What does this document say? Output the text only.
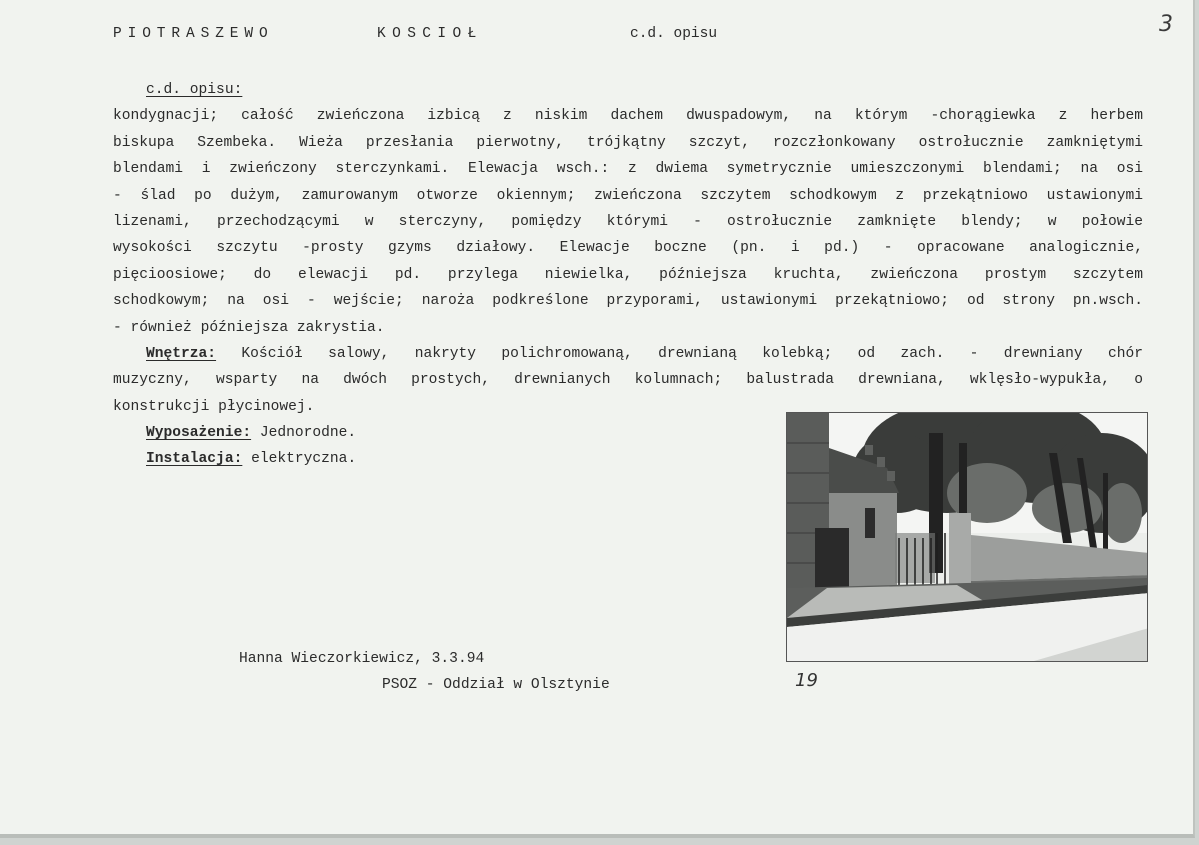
PIOTRASZEWO	KOSCIOŁ	c.d. opisu	3
c.d. opisu:
kondygnacji; całość zwieńczona izbicą z niskim dachem dwuspadowym, na którym -chorągiewka z herbem
biskupa Szembeka. Wieża przesłania pierwotny, trójkątny szczyt, rozczłonkowany ostrołucznie zamkniętymi
blendami i zwieńczony sterczynkami. Elewacja wsch.: z dwiema symetrycznie umieszczonymi blendami; na osi
- ślad po dużym, zamurowanym otworze okiennym; zwieńczona szczytem schodkowym z przekątniowo ustawionymi
lizenami, przechodzącymi w sterczyny, pomiędzy którymi - ostrołucznie zamknięte blendy; w połowie
wysokości szczytu -prosty gzyms działowy. Elewacje boczne (pn. i pd.) - opracowane analogicznie,
pięcioosiowe; do elewacji pd. przylega niewielka, późniejsza kruchta, zwieńczona prostym szczytem
schodkowym; na osi - wejście; naroża podkreślone przyporami, ustawionymi przekątniowo; od strony pn.wsch.
- również późniejsza zakrystia.
Wnętrza: Kościół salowy, nakryty polichromowaną, drewnianą kolebką; od zach. - drewniany chór
muzyczny, wsparty na dwóch prostych, drewnianych kolumnach; balustrada drewniana, wklęsło-wypukła, o
konstrukcji płycinowej.
Wyposażenie: Jednorodne.
Instalacja: elektryczna.
19
Hanna Wieczorkiewicz, 3.3.94
PSOZ - Oddział w Olsztynie
